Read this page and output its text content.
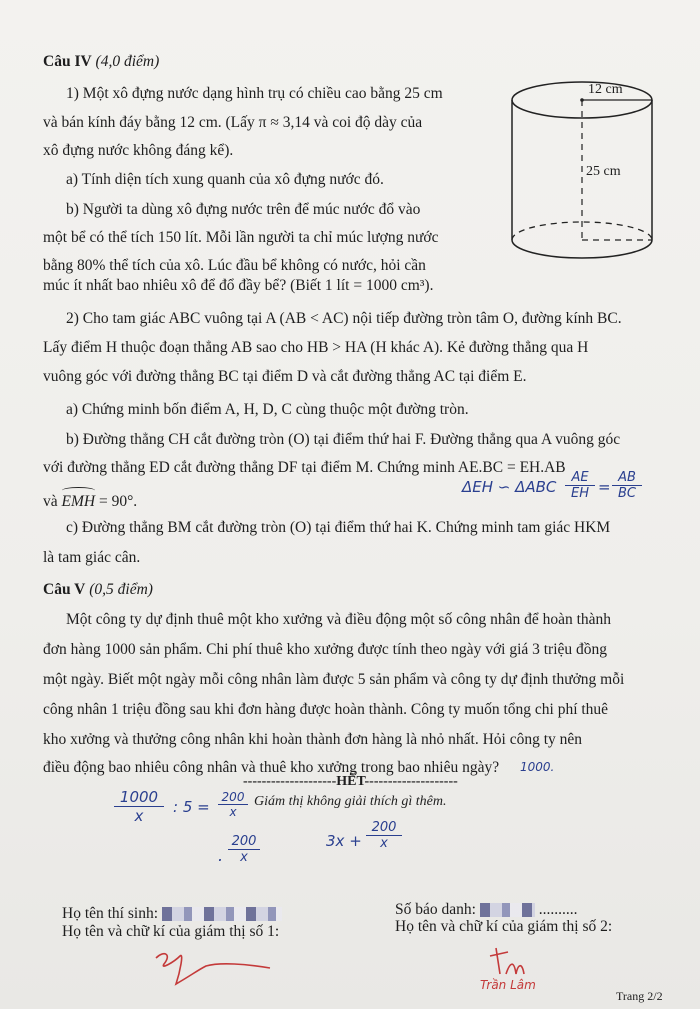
Câu IV (4,0 điểm)
1) Một xô đựng nước dạng hình trụ có chiều cao bằng 25 cm
và bán kính đáy bằng 12 cm. (Lấy π ≈ 3,14 và coi độ dày của
xô đựng nước không đáng kể).
a) Tính diện tích xung quanh của xô đựng nước đó.
b) Người ta dùng xô đựng nước trên để múc nước đổ vào
một bể có thể tích 150 lít. Mỗi lần người ta chỉ múc lượng nước
bằng 80% thể tích của xô. Lúc đầu bể không có nước, hỏi cần
múc ít nhất bao nhiêu xô để đổ đầy bể? (Biết 1 lít = 1000 cm³).
12 cm
25 cm
2) Cho tam giác ABC vuông tại A (AB < AC) nội tiếp đường tròn tâm O, đường kính BC.
Lấy điểm H thuộc đoạn thẳng AB sao cho HB > HA (H khác A). Kẻ đường thẳng qua H
vuông góc với đường thẳng BC tại điểm D và cắt đường thẳng AC tại điểm E.
a) Chứng minh bốn điểm A, H, D, C cùng thuộc một đường tròn.
b) Đường thẳng CH cắt đường tròn (O) tại điểm thứ hai F. Đường thẳng qua A vuông góc
với đường thẳng ED cắt đường thẳng DF tại điểm M. Chứng minh AE.BC = EH.AB
và
EMH = 90°.
c) Đường thẳng BM cắt đường tròn (O) tại điểm thứ hai K. Chứng minh tam giác HKM
là tam giác cân.
ΔEH ∽ ΔΑΒC $\frac{AE}{EH} = \frac{AB}{BC}$
Câu V (0,5 điểm)
Một công ty dự định thuê một kho xưởng và điều động một số công nhân để hoàn thành
đơn hàng 1000 sản phẩm. Chi phí thuê kho xưởng được tính theo ngày với giá 3 triệu đồng
một ngày. Biết một ngày mỗi công nhân làm được 5 sản phẩm và công ty dự định thưởng mỗi
công nhân 1 triệu đồng sau khi đơn hàng được hoàn thành. Công ty muốn tổng chi phí thuê
kho xưởng và thưởng công nhân khi hoàn thành đơn hàng là nhỏ nhất. Hỏi công ty nên
điều động bao nhiêu công nhân và thuê kho xưởng trong bao nhiêu ngày? 1000.
--------------------HẾT--------------------
Giám thị không giải thích gì thêm.
$\frac{1000}{x}$ : $5 = \frac{200}{x}$
. $\frac{200}{x}$	$3x + \frac{200}{x}$
Họ tên thí sinh:	Số báo danh:	..........
Họ tên và chữ kí của giám thị số 1:	Họ tên và chữ kí của giám thị số 2:
Trần Lâm
Trang 2/2
